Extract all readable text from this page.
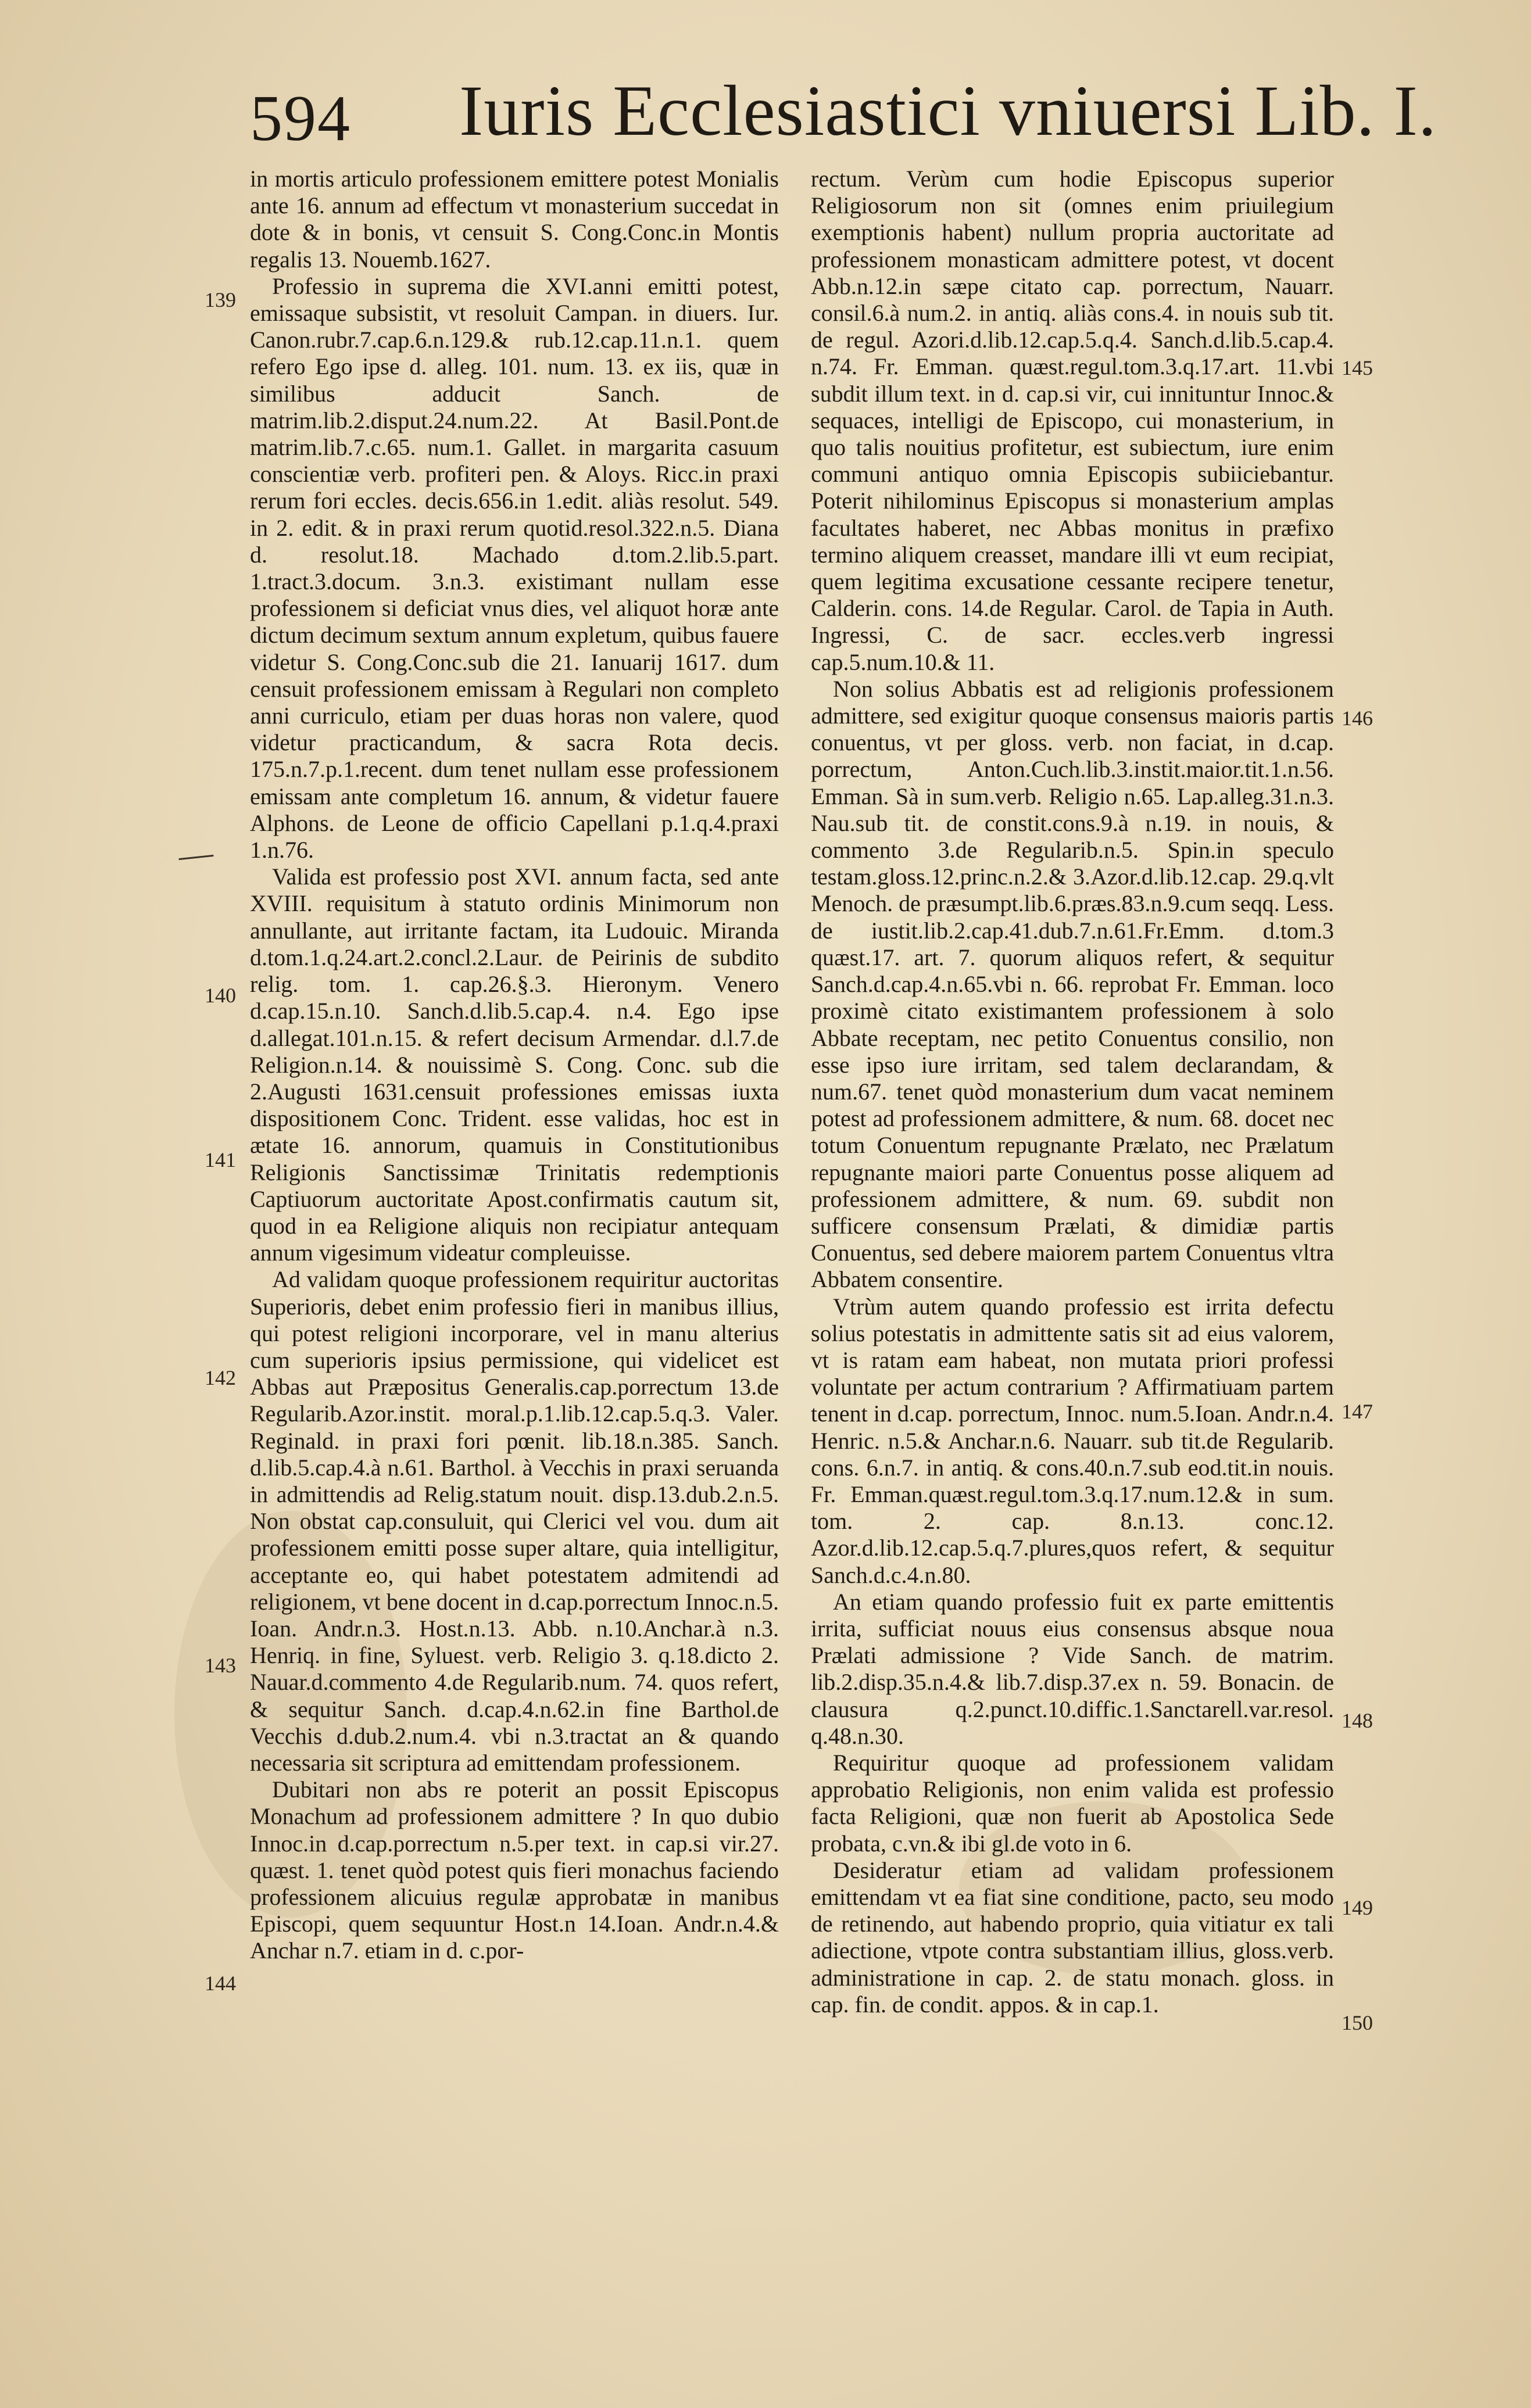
594 Iuris Ecclesiastici vniuersi Lib. I.
139
140
141
142
143
144
145
146
147
148
149
150

in mortis articulo professionem emittere potest Monialis ante 16. annum ad effectum vt monasterium succedat in dote & in bonis, vt censuit S. Cong.Conc.in Montis regalis 13. Nouemb.1627.

Professio in suprema die XVI.anni emitti potest, emissaque subsistit, vt resoluit Campan. in diuers. Iur. Canon.rubr.7.cap.6.n.129.& rub.12.cap.11.n.1. quem refero Ego ipse d. alleg. 101. num. 13. ex iis, quæ in similibus adducit Sanch. de matrim.lib.2.disput.24.num.22. At Basil.Pont.de matrim.lib.7.c.65. num.1. Gallet. in margarita casuum conscientiæ verb. profiteri pen. & Aloys. Ricc.in praxi rerum fori eccles. decis.656.in 1.edit. aliàs resolut. 549. in 2. edit. & in praxi rerum quotid.resol.322.n.5. Diana d. resolut.18. Machado d.tom.2.lib.5.part. 1.tract.3.docum. 3.n.3. existimant nullam esse professionem si deficiat vnus dies, vel aliquot horæ ante dictum decimum sextum annum expletum, quibus fauere videtur S. Cong.Conc.sub die 21. Ianuarij 1617. dum censuit professionem emissam à Regulari non completo anni curriculo, etiam per duas horas non valere, quod videtur practicandum, & sacra Rota decis. 175.n.7.p.1.recent. dum tenet nullam esse professionem emissam ante completum 16. annum, & videtur fauere Alphons. de Leone de officio Capellani p.1.q.4.praxi 1.n.76.

Valida est professio post XVI. annum facta, sed ante XVIII. requisitum à statuto ordinis Minimorum non annullante, aut irritante factam, ita Ludouic. Miranda d.tom.1.q.24.art.2.concl.2.Laur. de Peirinis de subdito relig. tom. 1. cap.26.§.3. Hieronym. Venero d.cap.15.n.10. Sanch.d.lib.5.cap.4. n.4. Ego ipse d.allegat.101.n.15. & refert decisum Armendar. d.l.7.de Religion.n.14. & nouissimè S. Cong. Conc. sub die 2.Augusti 1631.censuit professiones emissas iuxta dispositionem Conc. Trident. esse validas, hoc est in ætate 16. annorum, quamuis in Constitutionibus Religionis Sanctissimæ Trinitatis redemptionis Captiuorum auctoritate Apost.confirmatis cautum sit, quod in ea Religione aliquis non recipiatur antequam annum vigesimum videatur compleuisse.

Ad validam quoque professionem requiritur auctoritas Superioris, debet enim professio fieri in manibus illius, qui potest religioni incorporare, vel in manu alterius cum superioris ipsius permissione, qui videlicet est Abbas aut Præpositus Generalis.cap.porrectum 13.de Regularib.Azor.instit. moral.p.1.lib.12.cap.5.q.3. Valer. Reginald. in praxi fori pœnit. lib.18.n.385. Sanch. d.lib.5.cap.4.à n.61. Barthol. à Vecchis in praxi seruanda in admittendis ad Relig.statum nouit. disp.13.dub.2.n.5. Non obstat cap.consuluit, qui Clerici vel vou. dum ait professionem emitti posse super altare, quia intelligitur, acceptante eo, qui habet potestatem admitendi ad religionem, vt bene docent in d.cap.porrectum Innoc.n.5. Ioan. Andr.n.3. Host.n.13. Abb. n.10.Anchar.à n.3. Henriq. in fine, Syluest. verb. Religio 3. q.18.dicto 2. Nauar.d.commento 4.de Regularib.num. 74. quos refert, & sequitur Sanch. d.cap.4.n.62.in fine Barthol.de Vecchis d.dub.2.num.4. vbi n.3.tractat an & quando necessaria sit scriptura ad emittendam professionem.

Dubitari non abs re poterit an possit Episcopus Monachum ad professionem admittere ? In quo dubio Innoc.in d.cap.porrectum n.5.per text. in cap.si vir.27. quæst. 1. tenet quòd potest quis fieri monachus faciendo professionem alicuius regulæ approbatæ in manibus Episcopi, quem sequuntur Host.n 14.Ioan. Andr.n.4.& Anchar n.7. etiam in d. c.por-

rectum. Verùm cum hodie Episcopus superior Religiosorum non sit (omnes enim priuilegium exemptionis habent) nullum propria auctoritate ad professionem monasticam admittere potest, vt docent Abb.n.12.in sæpe citato cap. porrectum, Nauarr. consil.6.à num.2. in antiq. aliàs cons.4. in nouis sub tit. de regul. Azori.d.lib.12.cap.5.q.4. Sanch.d.lib.5.cap.4. n.74. Fr. Emman. quæst.regul.tom.3.q.17.art. 11.vbi subdit illum text. in d. cap.si vir, cui innituntur Innoc.& sequaces, intelligi de Episcopo, cui monasterium, in quo talis nouitius profitetur, est subiectum, iure enim communi antiquo omnia Episcopis subiiciebantur. Poterit nihilominus Episcopus si monasterium amplas facultates haberet, nec Abbas monitus in præfixo termino aliquem creasset, mandare illi vt eum recipiat, quem legitima excusatione cessante recipere tenetur, Calderin. cons. 14.de Regular. Carol. de Tapia in Auth. Ingressi, C. de sacr. eccles.verb ingressi cap.5.num.10.& 11.

Non solius Abbatis est ad religionis professionem admittere, sed exigitur quoque consensus maioris partis conuentus, vt per gloss. verb. non faciat, in d.cap. porrectum, Anton.Cuch.lib.3.instit.maior.tit.1.n.56. Emman. Sà in sum.verb. Religio n.65. Lap.alleg.31.n.3. Nau.sub tit. de constit.cons.9.à n.19. in nouis, & commento 3.de Regularib.n.5. Spin.in speculo testam.gloss.12.princ.n.2.& 3.Azor.d.lib.12.cap. 29.q.vlt Menoch. de præsumpt.lib.6.præs.83.n.9.cum seqq. Less. de iustit.lib.2.cap.41.dub.7.n.61.Fr.Emm. d.tom.3 quæst.17. art. 7. quorum aliquos refert, & sequitur Sanch.d.cap.4.n.65.vbi n. 66. reprobat Fr. Emman. loco proximè citato existimantem professionem à solo Abbate receptam, nec petito Conuentus consilio, non esse ipso iure irritam, sed talem declarandam, & num.67. tenet quòd monasterium dum vacat neminem potest ad professionem admittere, & num. 68. docet nec totum Conuentum repugnante Prælato, nec Prælatum repugnante maiori parte Conuentus posse aliquem ad professionem admittere, & num. 69. subdit non sufficere consensum Prælati, & dimidiæ partis Conuentus, sed debere maiorem partem Conuentus vltra Abbatem consentire.

Vtrùm autem quando professio est irrita defectu solius potestatis in admittente satis sit ad eius valorem, vt is ratam eam habeat, non mutata priori professi voluntate per actum contrarium ? Affirmatiuam partem tenent in d.cap. porrectum, Innoc. num.5.Ioan. Andr.n.4. Henric. n.5.& Anchar.n.6. Nauarr. sub tit.de Regularib. cons. 6.n.7. in antiq. & cons.40.n.7.sub eod.tit.in nouis. Fr. Emman.quæst.regul.tom.3.q.17.num.12.& in sum. tom. 2. cap. 8.n.13. conc.12. Azor.d.lib.12.cap.5.q.7.plures,quos refert, & sequitur Sanch.d.c.4.n.80.

An etiam quando professio fuit ex parte emittentis irrita, sufficiat nouus eius consensus absque noua Prælati admissione ? Vide Sanch. de matrim. lib.2.disp.35.n.4.& lib.7.disp.37.ex n. 59. Bonacin. de clausura q.2.punct.10.diffic.1.Sanctarell.var.resol. q.48.n.30.

Requiritur quoque ad professionem validam approbatio Religionis, non enim valida est professio facta Religioni, quæ non fuerit ab Apostolica Sede probata, c.vn.& ibi gl.de voto in 6.

Desideratur etiam ad validam professionem emittendam vt ea fiat sine conditione, pacto, seu modo de retinendo, aut habendo proprio, quia vitiatur ex tali adiectione, vtpote contra substantiam illius, gloss.verb. administratione in cap. 2. de statu monach. gloss. in cap. fin. de condit. appos. & in cap.1.
